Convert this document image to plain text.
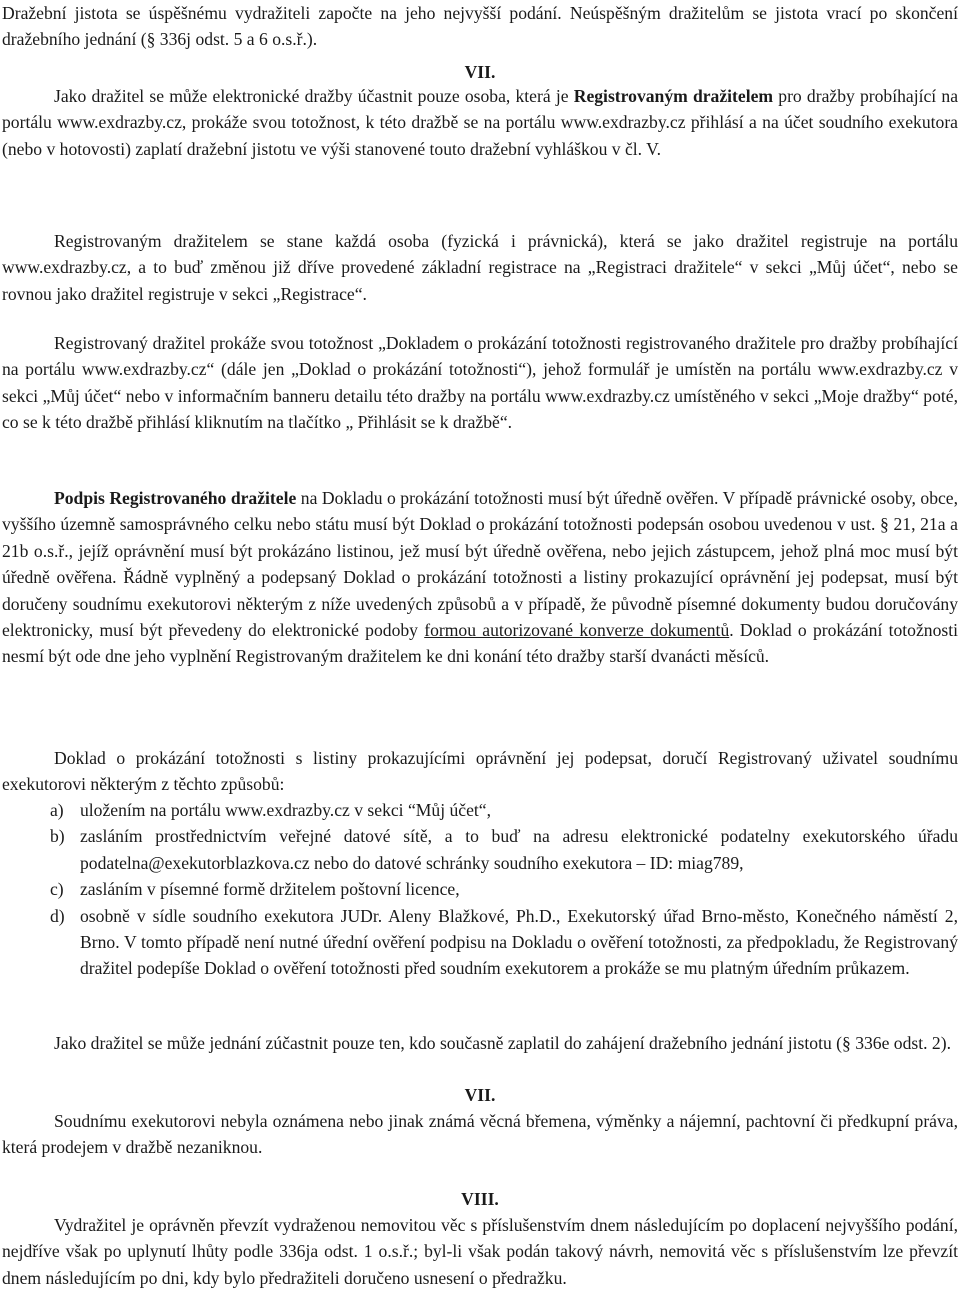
Dražební jistota se úspěšnému vydražiteli započte na jeho nejvyšší podání. Neúspěšným dražitelům se jistota vrací po skončení dražebního jednání (§ 336j odst. 5 a 6 o.s.ř.).

VII.

Jako dražitel se může elektronické dražby účastnit pouze osoba, která je Registrovaným dražitelem pro dražby probíhající na portálu www.exdrazby.cz, prokáže svou totožnost, k této dražbě se na portálu www.exdrazby.cz přihlásí a na účet soudního exekutora (nebo v hotovosti) zaplatí dražební jistotu ve výši stanovené touto dražební vyhláškou v čl. V.

Registrovaným dražitelem se stane každá osoba (fyzická i právnická), která se jako dražitel registruje na portálu www.exdrazby.cz, a to buď změnou již dříve provedené základní registrace na „Registraci dražitele“ v sekci „Můj účet“, nebo se rovnou jako dražitel registruje v sekci „Registrace“.

Registrovaný dražitel prokáže svou totožnost „Dokladem o prokázání totožnosti registrovaného dražitele pro dražby probíhající na portálu www.exdrazby.cz“ (dále jen „Doklad o prokázání totožnosti“), jehož formulář je umístěn na portálu www.exdrazby.cz v sekci „Můj účet“ nebo v informačním banneru detailu této dražby na portálu www.exdrazby.cz umístěného v sekci „Moje dražby“ poté, co se k této dražbě přihlásí kliknutím na tlačítko „ Přihlásit se k dražbě“.

Podpis Registrovaného dražitele na Dokladu o prokázání totožnosti musí být úředně ověřen. V případě právnické osoby, obce, vyššího územně samosprávného celku nebo státu musí být Doklad o prokázání totožnosti podepsán osobou uvedenou v ust. § 21, 21a a 21b o.s.ř., jejíž oprávnění musí být prokázáno listinou, jež musí být úředně ověřena, nebo jejich zástupcem, jehož plná moc musí být úředně ověřena. Řádně vyplněný a podepsaný Doklad o prokázání totožnosti a listiny prokazující oprávnění jej podepsat, musí být doručeny soudnímu exekutorovi některým z níže uvedených způsobů a v případě, že původně písemné dokumenty budou doručovány elektronicky, musí být převedeny do elektronické podoby formou autorizované konverze dokumentů. Doklad o prokázání totožnosti nesmí být ode dne jeho vyplnění Registrovaným dražitelem ke dni konání této dražby starší dvanácti měsíců.

Doklad o prokázání totožnosti s listiny prokazujícími oprávnění jej podepsat, doručí Registrovaný uživatel soudnímu exekutorovi některým z těchto způsobů:

a) uložením na portálu www.exdrazby.cz v sekci “Můj účet“,
b) zasláním prostřednictvím veřejné datové sítě, a to buď na adresu elektronické podatelny exekutorského úřadu podatelna@exekutorblazkova.cz nebo do datové schránky soudního exekutora – ID: miag789,
c) zasláním v písemné formě držitelem poštovní licence,
d) osobně v sídle soudního exekutora JUDr. Aleny Blažkové, Ph.D., Exekutorský úřad Brno-město, Konečného náměstí 2, Brno. V tomto případě není nutné úřední ověření podpisu na Dokladu o ověření totožnosti, za předpokladu, že Registrovaný dražitel podepíše Doklad o ověření totožnosti před soudním exekutorem a prokáže se mu platným úředním průkazem.

Jako dražitel se může jednání zúčastnit pouze ten, kdo současně zaplatil do zahájení dražebního jednání jistotu (§ 336e odst. 2).

VII.

Soudnímu exekutorovi nebyla oznámena nebo jinak známá věcná břemena, výměnky a nájemní, pachtovní či předkupní práva, která prodejem v dražbě nezaniknou.

VIII.

Vydražitel je oprávněn převzít vydraženou nemovitou věc s příslušenstvím dnem následujícím po doplacení nejvyššího podání, nejdříve však po uplynutí lhůty podle 336ja odst. 1 o.s.ř.; byl-li však podán takový návrh, nemovitá věc s příslušenstvím lze převzít dnem následujícím po dni, kdy bylo předražiteli doručeno usnesení o předražku.
